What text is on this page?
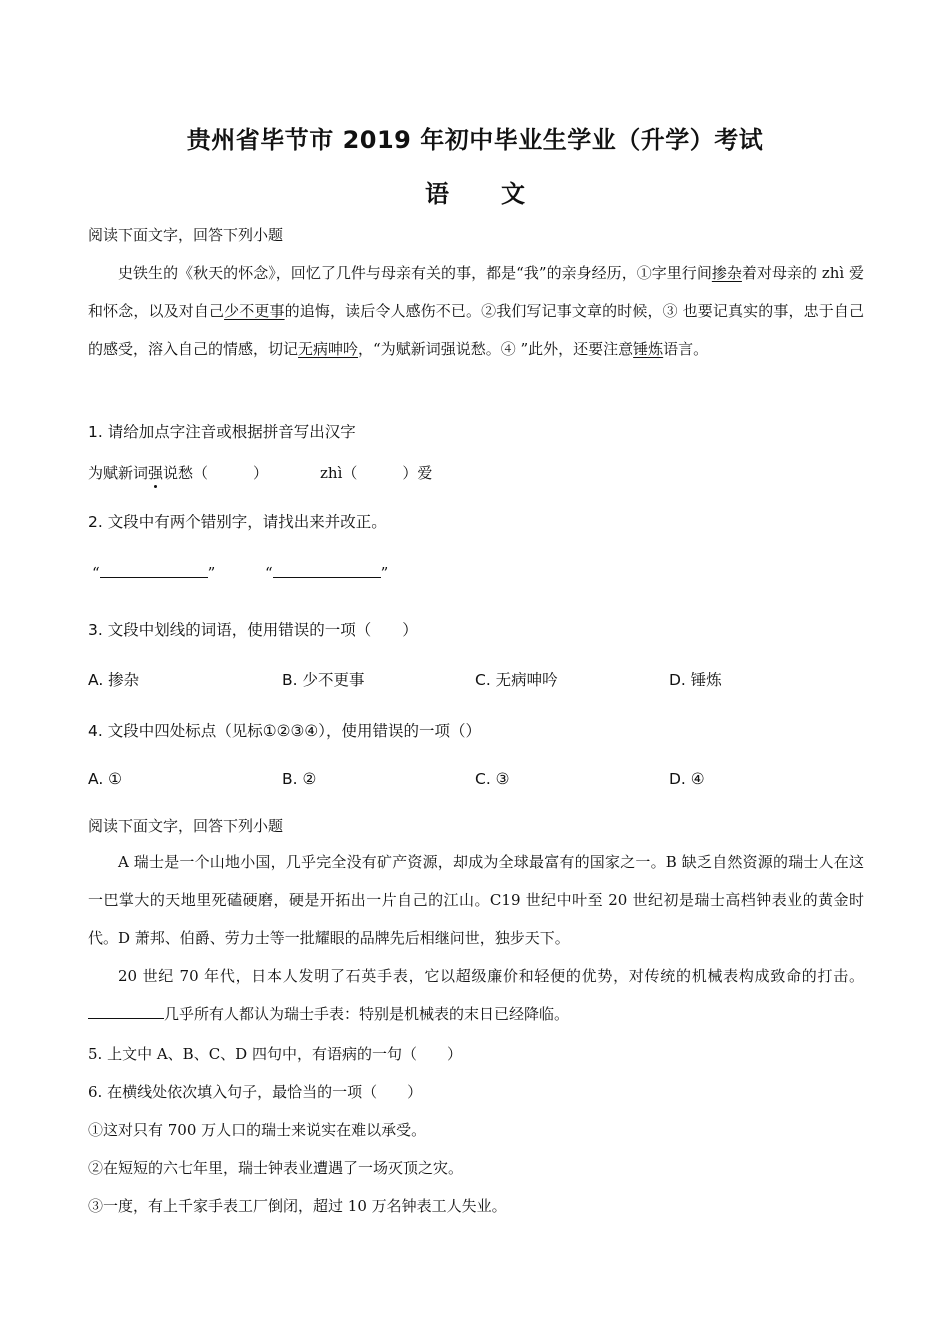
贵州省毕节市 2019 年初中毕业生学业（升学）考试
语 文
阅读下面文字，回答下列小题
史铁生的《秋天的怀念》，回忆了几件与母亲有关的事，都是“我”的亲身经历，①字里行间掺杂着对母亲的 zhì 爱和怀念，以及对自己少不更事的追悔，读后令人感伤不已。②我们写记事文章的时候，③ 也要记真实的事，忠于自己的感受，溶入自己的情感，切记无病呻吟，“为赋新词强说愁。④ ”此外，还要注意锤炼语言。
1. 请给加点字注音或根据拼音写出汉字
为赋新词强说愁（　　　）	zhì（　　　）爱
2. 文段中有两个错别字，请找出来并改正。
“	”	“	”
3. 文段中划线的词语，使用错误的一项（　　）
A. 掺杂	B. 少不更事	C. 无病呻吟	D. 锤炼
4. 文段中四处标点（见标①②③④），使用错误的一项（）
A. ①	B. ②	C. ③	D. ④
阅读下面文字，回答下列小题
A 瑞士是一个山地小国，几乎完全没有矿产资源，却成为全球最富有的国家之一。B 缺乏自然资源的瑞士人在这一巴掌大的天地里死磕硬磨，硬是开拓出一片自己的江山。C19 世纪中叶至 20 世纪初是瑞士高档钟表业的黄金时代。D 萧邦、伯爵、劳力士等一批耀眼的品牌先后相继问世，独步天下。
20 世纪 70 年代，日本人发明了石英手表，它以超级廉价和轻便的优势，对传统的机械表构成致命的打击。几乎所有人都认为瑞士手表：特别是机械表的末日已经降临。
5. 上文中 A、B、C、D 四句中，有语病的一句（　　）
6. 在横线处依次填入句子，最恰当的一项（　　）
①这对只有 700 万人口的瑞士来说实在难以承受。
②在短短的六七年里，瑞士钟表业遭遇了一场灭顶之灾。
③一度，有上千家手表工厂倒闭，超过 10 万名钟表工人失业。
